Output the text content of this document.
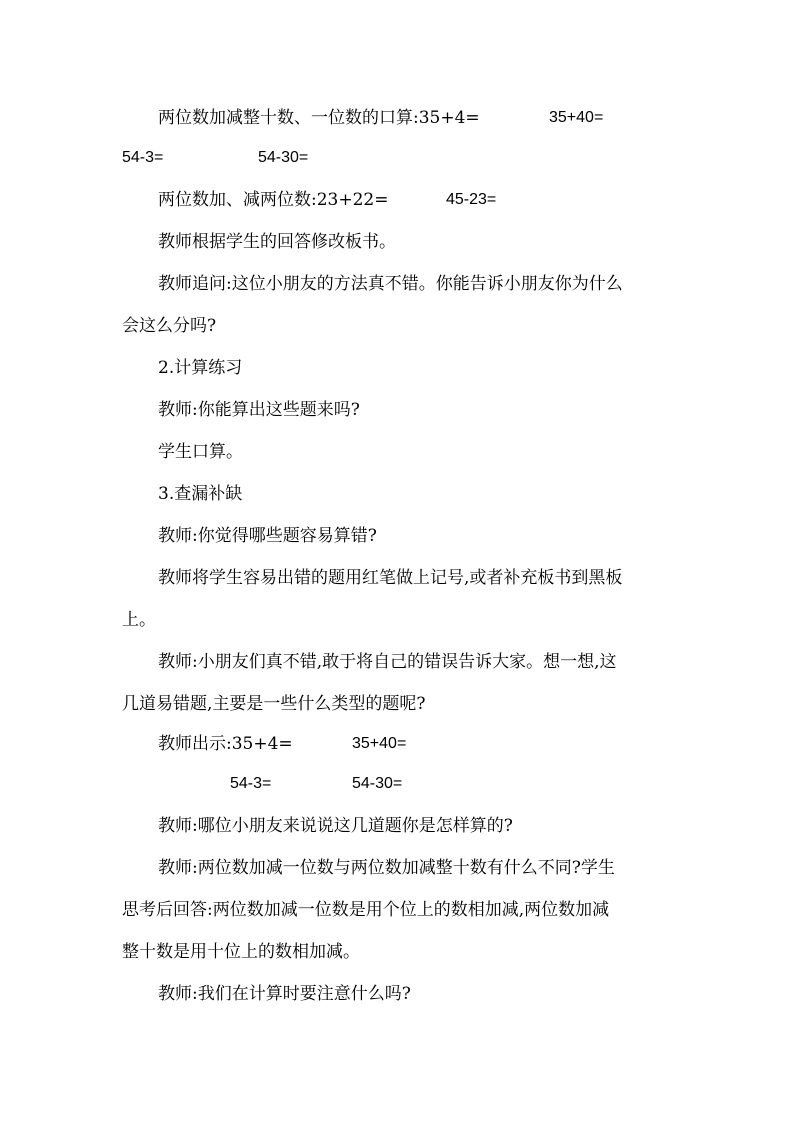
两位数加减整十数、一位数的口算:35+4=	35+40=
54-3=	54-30=
两位数加、减两位数:23+22=	45-23=
教师根据学生的回答修改板书。
教师追问:这位小朋友的方法真不错。你能告诉小朋友你为什么
会这么分吗?
2.计算练习
教师:你能算出这些题来吗?
学生口算。
3.查漏补缺
教师:你觉得哪些题容易算错?
教师将学生容易出错的题用红笔做上记号,或者补充板书到黑板
上。
教师:小朋友们真不错,敢于将自己的错误告诉大家。想一想,这
几道易错题,主要是一些什么类型的题呢?
教师出示:35+4=	35+40=
54-3=	54-30=
教师:哪位小朋友来说说这几道题你是怎样算的?
教师:两位数加减一位数与两位数加减整十数有什么不同?学生
思考后回答:两位数加减一位数是用个位上的数相加减,两位数加减
整十数是用十位上的数相加减。
教师:我们在计算时要注意什么吗?
